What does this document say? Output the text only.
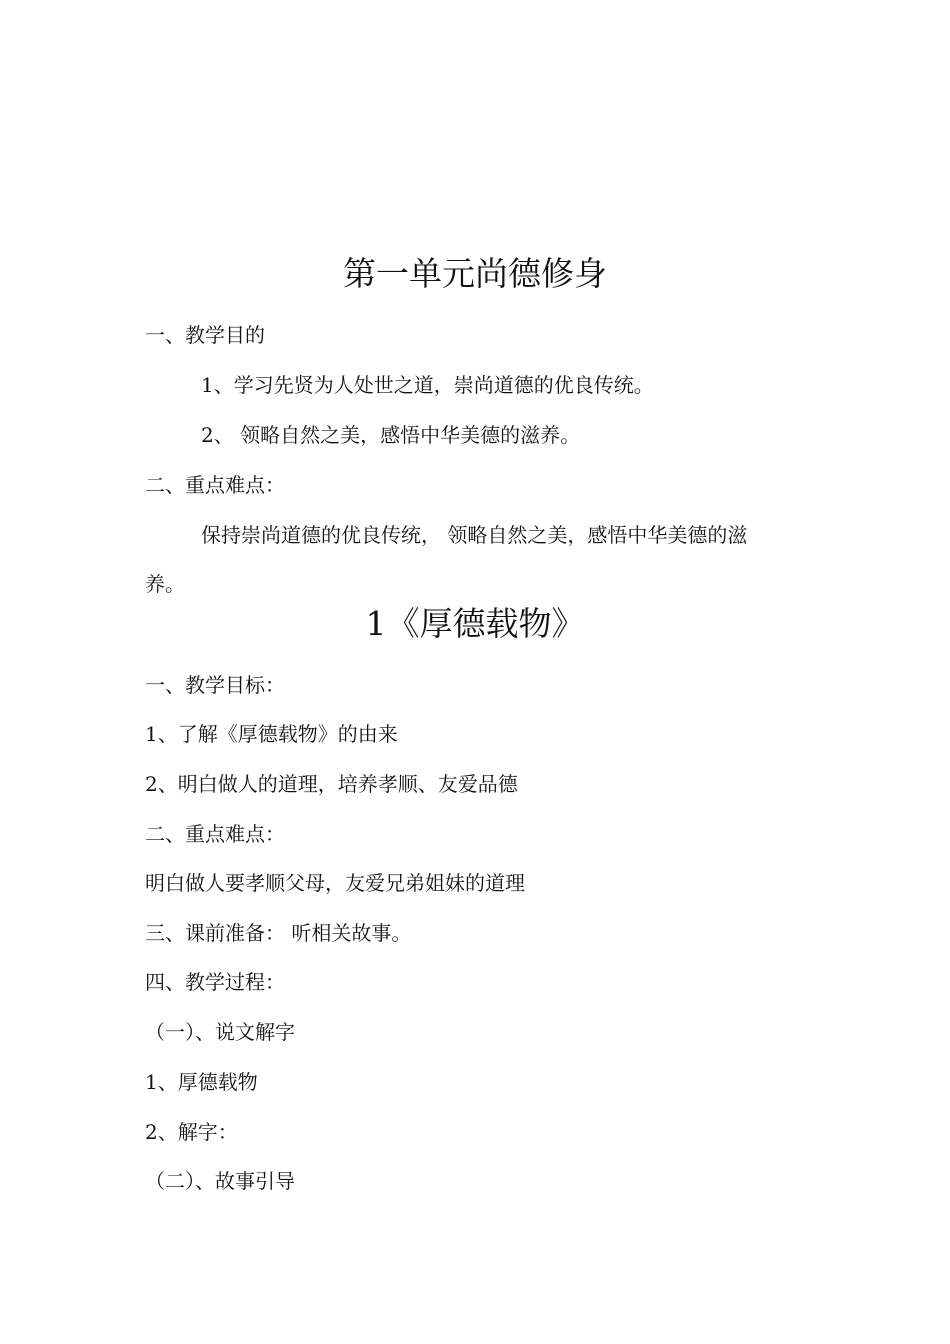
第一单元尚德修身
一、教学目的
1、学习先贤为人处世之道，崇尚道德的优良传统。
2、 领略自然之美，感悟中华美德的滋养。
二、重点难点：
保持崇尚道德的优良传统， 领略自然之美，感悟中华美德的滋
养。
1《厚德载物》
一、教学目标：
1、了解《厚德载物》的由来
2、明白做人的道理，培养孝顺、友爱品德
二、重点难点：
明白做人要孝顺父母，友爱兄弟姐妹的道理
三、课前准备： 听相关故事。
四、教学过程：
（一）、说文解字
1、厚德载物
2、解字：
（二）、故事引导
